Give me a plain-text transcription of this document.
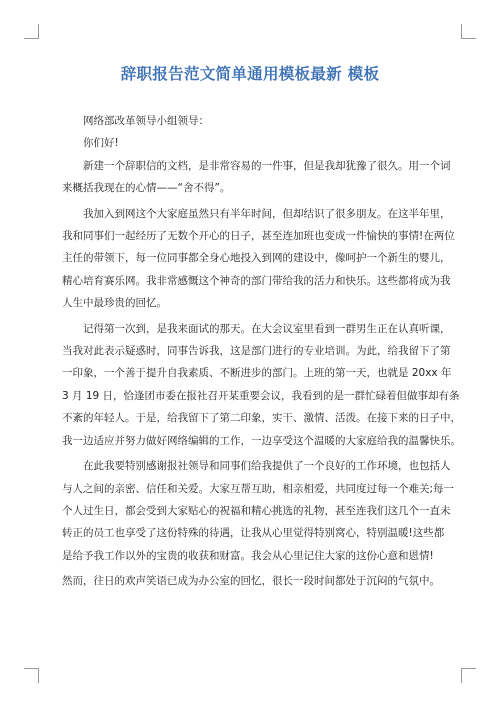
辞职报告范文简单通用模板最新 模板

网络部改革领导小组领导：

你们好!

新建一个辞职信的文档，是非常容易的一件事，但是我却犹豫了很久。用一个词
来概括我现在的心情——“舍不得”。

我加入到网这个大家庭虽然只有半年时间，但却结识了很多朋友。在这半年里，
我和同事们一起经历了无数个开心的日子，甚至连加班也变成一件愉快的事情!在两位
主任的带领下，每一位同事都全身心地投入到网的建设中，像呵护一个新生的婴儿，
精心培育赛乐网。我非常感慨这个神奇的部门带给我的活力和快乐。这些都将成为我
人生中最珍贵的回忆。

记得第一次到，是我来面试的那天。在大会议室里看到一群男生正在认真听课，
当我对此表示疑惑时，同事告诉我，这是部门进行的专业培训。为此，给我留下了第
一印象，一个善于提升自我素质、不断进步的部门。上班的第一天，也就是 20xx 年
3 月 19 日，恰逢团市委在报社召开某重要会议，我看到的是一群忙碌着但做事却有条
不紊的年轻人。于是，给我留下了第二印象，实干、激情、活泼。在接下来的日子中，
我一边适应并努力做好网络编辑的工作，一边享受这个温暖的大家庭给我的温馨快乐。

在此我要特别感谢报社领导和同事们给我提供了一个良好的工作环境，也包括人
与人之间的亲密、信任和关爱。大家互帮互助，相亲相爱，共同度过每一个难关;每一
个人过生日，都会受到大家贴心的祝福和精心挑选的礼物，甚至连我们这几个一直未
转正的员工也享受了这份特殊的待遇，让我从心里觉得特别窝心，特别温暖!这些都
是给予我工作以外的宝贵的收获和财富。我会从心里记住大家的这份心意和恩情!

然而，往日的欢声笑语已成为办公室的回忆，很长一段时间都处于沉闷的气氛中。
